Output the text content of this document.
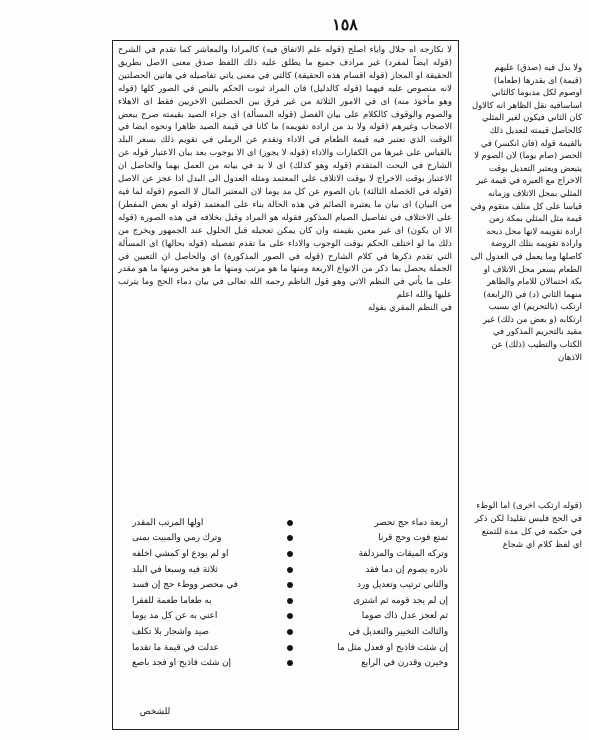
١٥٨

لا نكارجه اه جلال واياء اصلح (قوله علم الاتفاق فيه) كالمرادا والمعاشر كما تقدم في الشرح (قوله ايضاً لمفرد) غير مرادف جميع ما يطلق عليه ذلك اللفظ صدق معنى الاصل بطريق الحقيقة او المجاز (قوله اقسام هذه الحقيقة) كالتي في معنى ياتي تفاصيله في هاتين الحصلتين لانه منصوص عليه فيهما (قوله كالدليل) فان المراد ثبوت الحكم بالنص في الصور كلها (قوله وهو مأخوذ منه) اى في الامور الثلاثة من غير فرق بين الحصلتين الاخريين فقط اى الاهلاء والصوم والوقوف كالكلام على بيان الفصل (قوله المسألة) اى جزاء الصيد بقيمته صرح ببعض الاصحاب وغيرهم (قوله ولا بد من ارادة تقويمه) ما كانا في قيمة الصيد ظاهرا ونحوه ايضا في الوقت الذي تعتبر فيه قيمة الطعام في الاداء وتقدم عن الرملي في تقويم ذلك بسعر البلد بالقياس على غيرها من الكفارات والاداء (قوله لا يجوز) اى الا بوجوب بعد بيان الاعتبار قوله عن الشارح في البحث المتقدم (قوله وهو كذلك) اى لا بد في بيانه من العمل بهما والحاصل ان الاعتبار بوقت الاخراج لا بوقت الاتلاف على المعتمد ومثله العدول الى البدل اذا عجز عن الاصل (قوله في الخصلة الثالثة) بان الصوم عن كل مد يوما لان المعتبر المال لا الصوم (قوله لما فيه من البيان) اى بيان ما يعتبره الصائم في هذه الحالة بناء على المعتمد (قوله او بعض المفطر) على الاختلاف في تفاصيل الصيام المذكور فقوله هو المراد وقيل بخلافه في هذه الصورة (قوله الا ان يكون) اى غير معين بقيمته وان كان يمكن تعجيله قبل الحلول عند الجمهور ويخرج من ذلك ما لو اختلف الحكم بوقت الوجوب والاداء على ما تقدم تفصيله (قوله بحالها) اى المسألة التي تقدم ذكرها في كلام الشارح (قوله في الصور المذكورة) اي والحاصل ان التعيين في الجملة يحصل بما ذكر من الانواع الاربعة ومنها ما هو مرتب ومنها ما هو مخير ومنها ما هو مقدر على ما يأتي في النظم الاتي وهو قول الناظم رحمه الله تعالى في بيان دماء الحج وما يترتب عليها والله اعلم

في النظم المقري بقوله

أربعة دماء حج تحصر
أولها المرتب المقدر
تمتع فوت وحج قرنا
وترك رمي والمبيت بمنى
وتركه الميقات والمزدلفة
أو لم يودع أو كمشي أخلفه
ناذره يصوم إن دما فقد
ثلاثة فيه وسبعا في البلد
والثاني ترتيب وتعديل ورد
في محصر ووطء حج إن فسد
إن لم يجد قومه ثم اشترى
به طعاما طعمة للفقرا
ثم لعجز عدل ذاك صوما
أعني به عن كل مد يوما
والثالث التخيير والتعديل في
صيد وأشجار بلا تكلف
إن شئت فاذبح أو فعدل مثل ما
عدلت في قيمة ما تقدما
وخيرن وقدرن في الرابع
إن شئت فاذبح أو فجد بآصع
للشخص

ولا بدل فيه (صدق) عليهم (قيمة) اى بقدرها (طعاما) اوصوم لكل مدبوما كالثاني اساسافيه نقل الظاهر انه كالاول كان الثاني فيكون لغير المثلي كالحاصل قيمته لتعديل ذلك بالقيمة قوله (فان انكسر) في الحصر (صام يوما) لان الصوم لا يتبعض ويعتبر التعديل بوقت الاخراج مع العبرة في قيمة غير المثلي بمحل الاتلاف وزمانه قياسا على كل متلف متقوم وفي قيمة مثل المثلي بمكة زمن ارادة تقويمه لانها محل ذبحه وارادة تقويمه بتلك الروضة كاصلها وما يعمل في العدول الى الطعام بسعر محل الاتلاف او بكة احتمالان للامام والظاهر منهما الثاني (د) في (الرابعة) ارتكب (بالتحريم) اي بسبب ارتكابه (و بعض من ذلك) غير مقيد بالتحريم المذكور في الكتاب والتطيب (ذلك) عن الاذهان

(قوله ارتكب اخرى) اما الوطء في الحج فليس تقليدا لكن ذكر في حكمه في كل مدة للتمتع اي لفظ كلام اي شجاع
